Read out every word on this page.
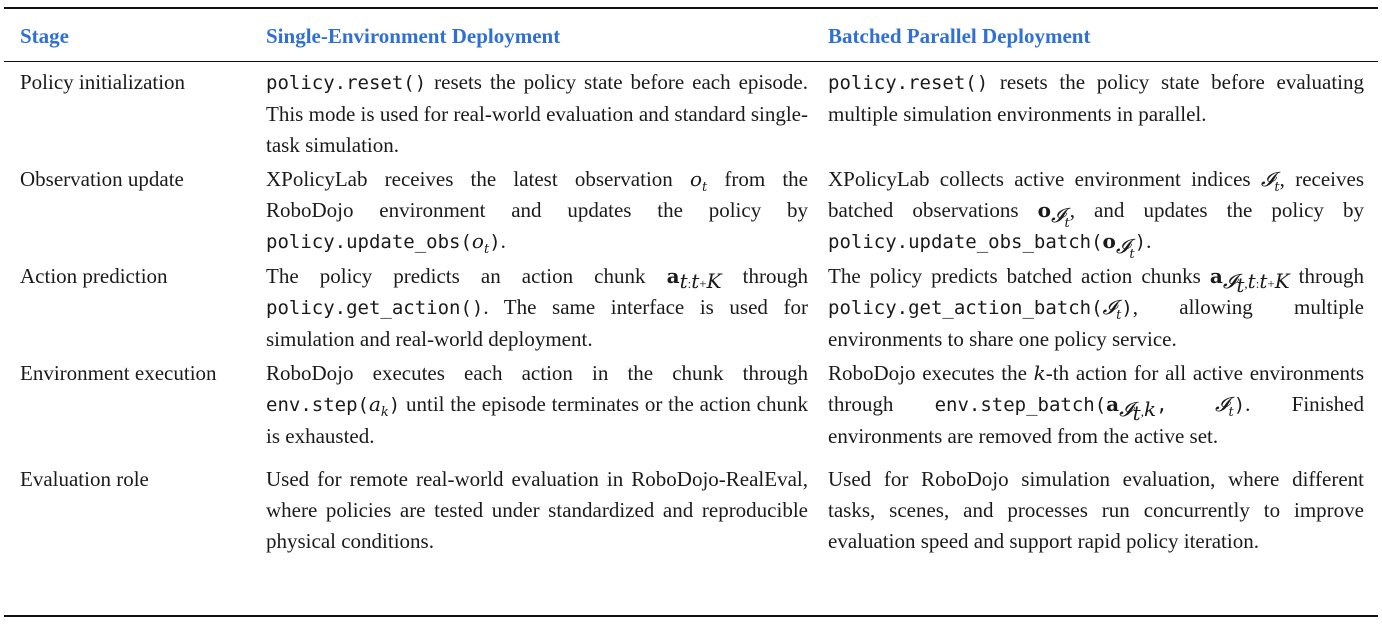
Stage	Single-Environment Deployment	Batched Parallel Deployment

Policy initialization	policy.reset() resets the policy state before each episode. This mode is used for real-world evaluation and standard single-task simulation.	policy.reset() resets the policy state before evaluating multiple simulation environments in parallel.
Observation update	XPolicyLab receives the latest observation $o_t$ from the RoboDojo environment and updates the policy by $policy.update\_obs(o_t)$.	XPolicyLab collects active environment indices 𝓘$_t$, receives batched observations $o_{𝓘_t}$, and updates the policy by $policy.update\_obs\_batch(o_{𝓘_t})$.
Action prediction	The policy predicts an action chunk $a_{t:t+K}$ through policy.get_action(). The same interface is used for simulation and real-world deployment.	The policy predicts batched action chunks $a_{𝓘_t,t:t+K}$ through policy.get_action_batch(𝓘$_t$), allowing multiple environments to share one policy service.
Environment execution	RoboDojo executes each action in the chunk through $env.step(a_k)$ until the episode terminates or the action chunk is exhausted.	RoboDojo executes the k-th action for all active environments through $env.step\_batch(a_{𝓘_t,k}$, 𝓘$_t$). Finished environments are removed from the active set.
Evaluation role	Used for remote real-world evaluation in RoboDojo-RealEval, where policies are tested under standardized and reproducible physical conditions.	Used for RoboDojo simulation evaluation, where different tasks, scenes, and processes run concurrently to improve evaluation speed and support rapid policy iteration.
